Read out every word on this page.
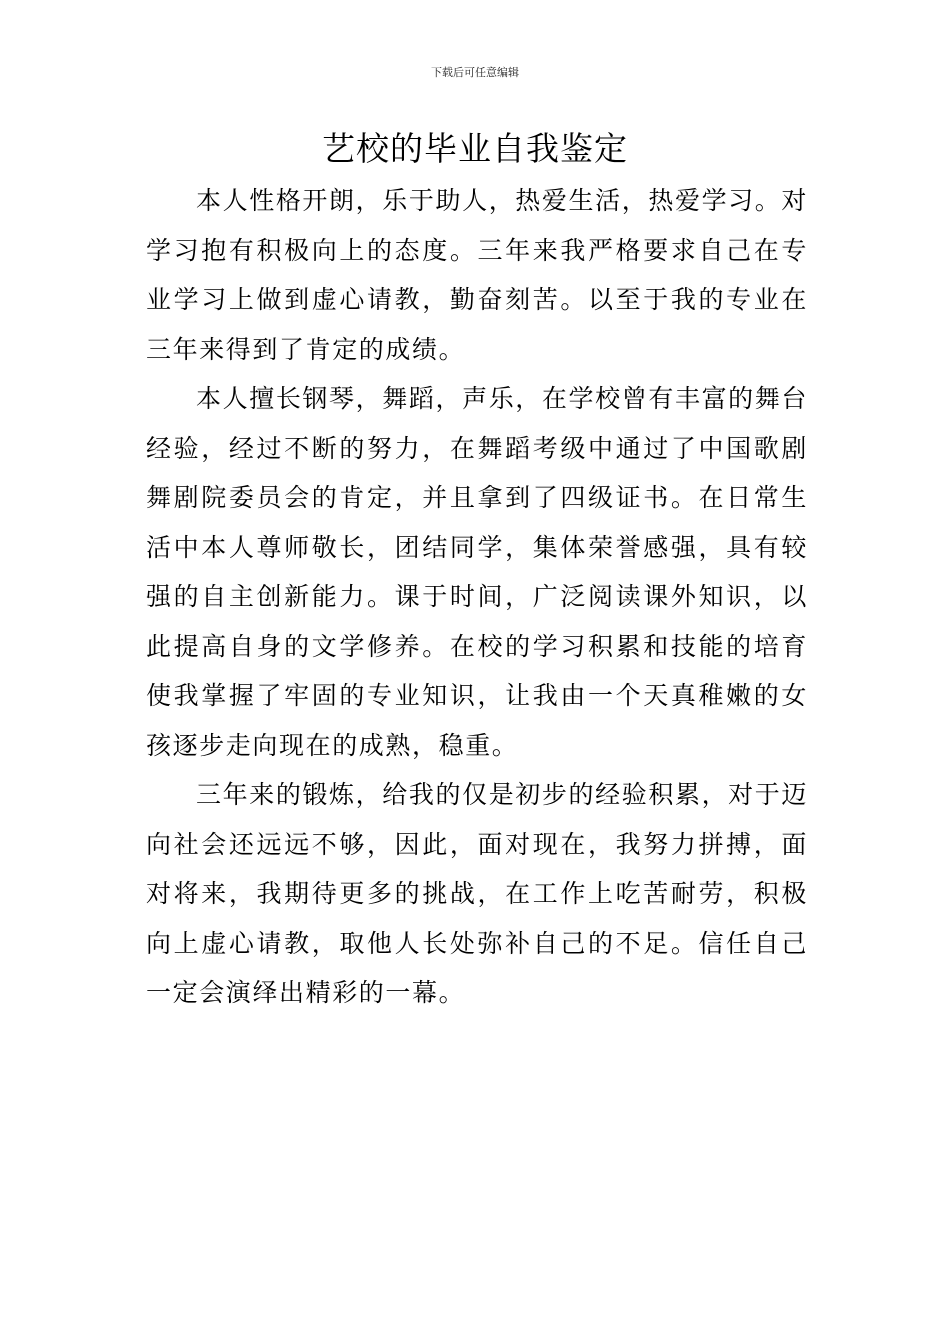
下载后可任意编辑
艺校的毕业自我鉴定

本人性格开朗，乐于助人，热爱生活，热爱学习。对学习抱有积极向上的态度。三年来我严格要求自己在专业学习上做到虚心请教，勤奋刻苦。以至于我的专业在三年来得到了肯定的成绩。

本人擅长钢琴，舞蹈，声乐，在学校曾有丰富的舞台经验，经过不断的努力，在舞蹈考级中通过了中国歌剧舞剧院委员会的肯定，并且拿到了四级证书。在日常生活中本人尊师敬长，团结同学，集体荣誉感强，具有较强的自主创新能力。课于时间，广泛阅读课外知识，以此提高自身的文学修养。在校的学习积累和技能的培育使我掌握了牢固的专业知识，让我由一个天真稚嫩的女孩逐步走向现在的成熟，稳重。

三年来的锻炼，给我的仅是初步的经验积累，对于迈向社会还远远不够，因此，面对现在，我努力拼搏，面对将来，我期待更多的挑战，在工作上吃苦耐劳，积极向上虚心请教，取他人长处弥补自己的不足。信任自己一定会演绎出精彩的一幕。
